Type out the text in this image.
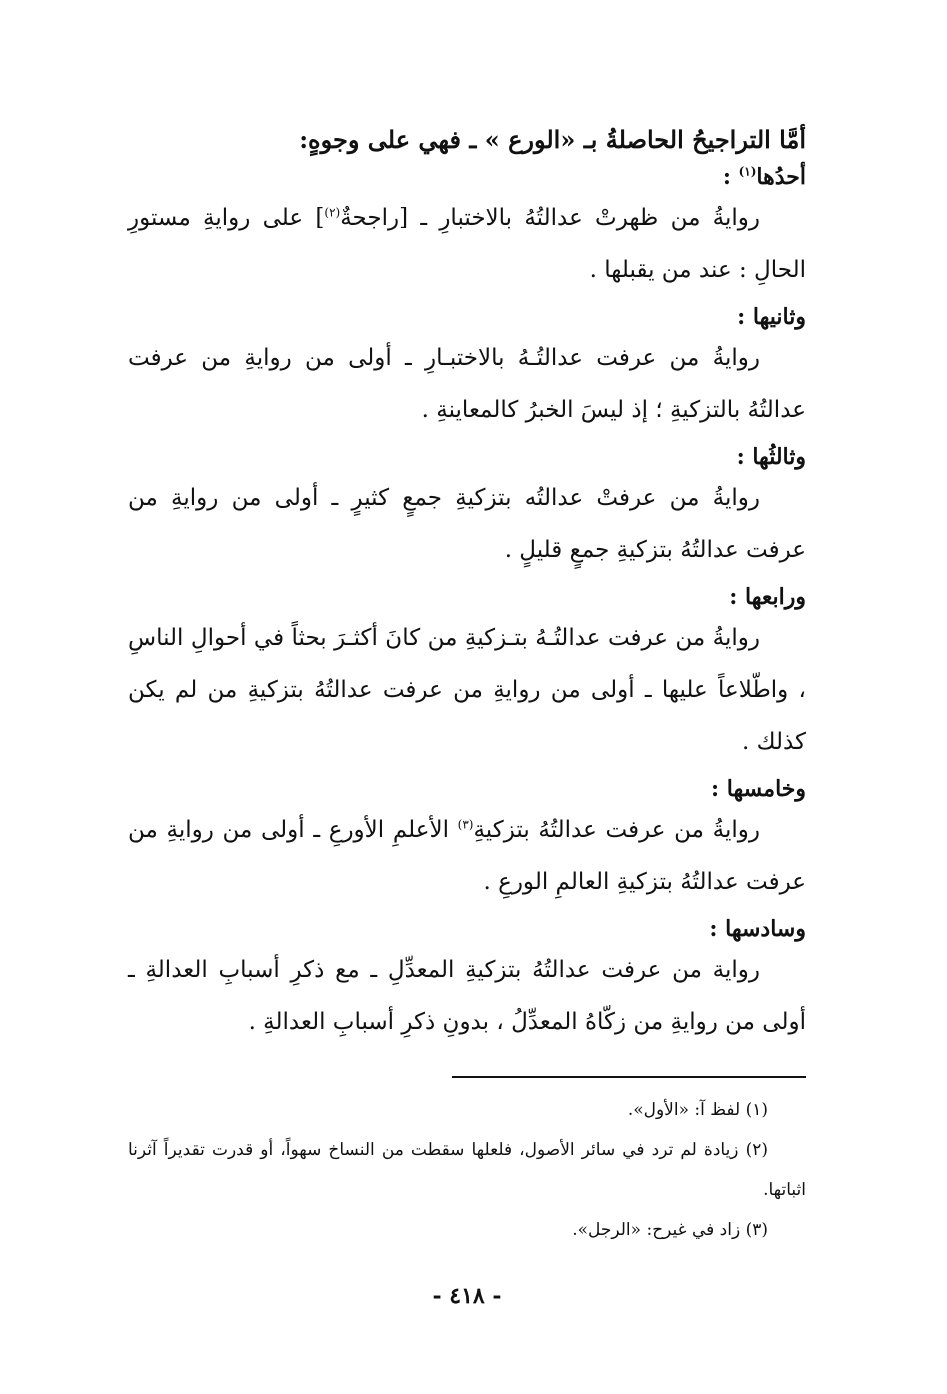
أمَّا التراجيحُ الحاصلةُ بـ «الورع » ـ فهي على وجوهٍ:

أحدُها$^{(١)}$ :

روايةُ من ظهرتْ عدالتُهُ بالاختبارِ ـ [راجحةٌ$^{(٢)}$] على روايةِ مستورِ الحالِ : عند من يقبلها .

وثانيها :

روايةُ من عرفت عدالتُـهُ بالاختبـارِ ـ أولى من روايةِ من عرفت عدالتُهُ بالتزكيةِ ؛ إذ ليسَ الخبرُ كالمعاينةِ .

وثالثُها :

روايةُ من عرفتْ عدالتُه بتزكيةِ جمعٍ كثيرٍ ـ أولى من روايةِ من عرفت عدالتُهُ بتزكيةِ جمعٍ قليلٍ .

ورابعها :

روايةُ من عرفت عدالتُـهُ بتـزكيةِ من كانَ أكثـرَ بحثاً في أحوالِ الناسِ ، واطّلاعاً عليها ـ أولى من روايةِ من عرفت عدالتُهُ بتزكيةِ من لم يكن كذلك .

وخامسها :

روايةُ من عرفت عدالتُهُ بتزكيةِ$^{(٣)}$ الأعلمِ الأورعِ ـ أولى من روايةِ من عرفت عدالتُهُ بتزكيةِ العالمِ الورعِ .

وسادسها :

رواية من عرفت عدالتُهُ بتزكيةِ المعدِّلِ ـ مع ذكرِ أسبابِ العدالةِ ـ أولى من روايةِ من زكّاهُ المعدِّلُ ، بدونِ ذكرِ أسبابِ العدالةِ .

(١) لفظ آ: «الأول».

(٢) زيادة لم ترد في سائر الأصول، فلعلها سقطت من النساخ سهواً، أو قدرت تقديراً آثرنا اثباتها.

(٣) زاد في غيرح: «الرجل».

- ٤١٨ -
